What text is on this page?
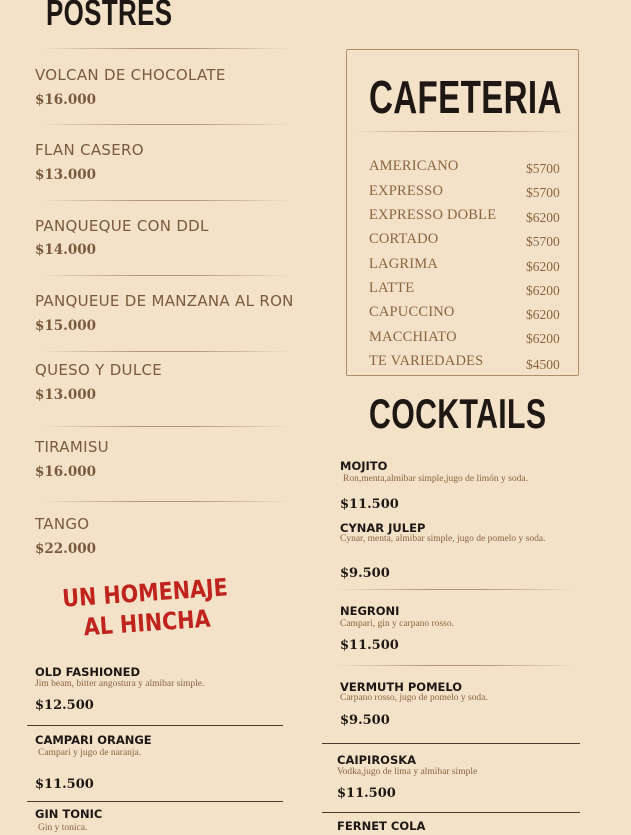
POSTRES
VOLCAN DE CHOCOLATE
$16.000
FLAN CASERO
$13.000
PANQUEQUE CON DDL
$14.000
PANQUEUE DE MANZANA AL RON
$15.000
QUESO Y DULCE
$13.000
TIRAMISU
$16.000
TANGO
$22.000
UN HOMENAJE
AL HINCHA
OLD FASHIONED
Jim beam, bitter angostura y almibar simple.
$12.500
CAMPARI ORANGE
Campari y jugo de naranja.
$11.500
GIN TONIC
Gin y tonica.
CAFETERIA
AMERICANO	$5700
EXPRESSO	$5700
EXPRESSO DOBLE $6200
CORTADO	$5700
LAGRIMA	$6200
LATTE	$6200
CAPUCCINO	$6200
MACCHIATO	$6200
TE VARIEDADES	$4500
COCKTAILS
MOJITO
Ron,menta,almibar simple,jugo de limón y soda.
$11.500
CYNAR JULEP
Cynar, menta, almibar simple, jugo de pomelo y soda.
$9.500
NEGRONI
Campari, gin y carpano rosso.
$11.500
VERMUTH POMELO
Carpano rosso, jugo de pomelo y soda.
$9.500
CAIPIROSKA
Vodka,jugo de lima y almibar simple
$11.500
FERNET COLA
